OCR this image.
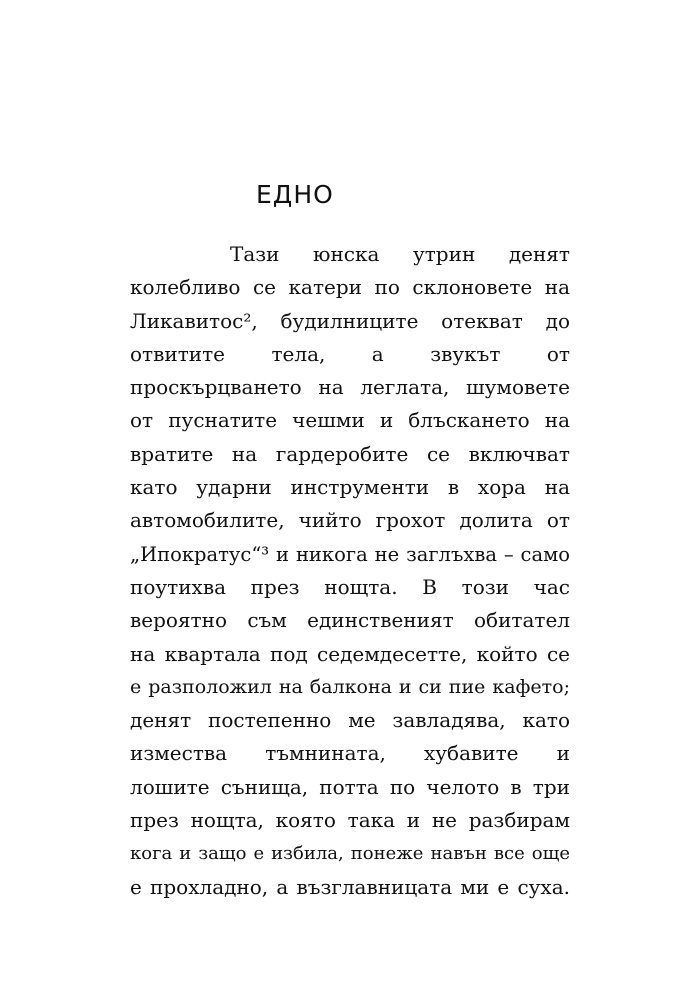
ЕДНО
Тази юнска утрин денят
колебливо се катери по склоновете на
Ликавитос², будилниците отекват до
отвитите тела, а звукът от
проскърцването на леглата, шумовете
от пуснатите чешми и блъскането на
вратите на гардеробите се включват
като ударни инструменти в хора на
автомобилите, чийто грохот долита от
„Ипократус“³ и никога не заглъхва – само
поутихва през нощта. В този час
вероятно съм единственият обитател
на квартала под седемдесетте, който се
е разположил на балкона и си пие кафето;
денят постепенно ме завладява, като
измества тъмнината, хубавите и
лошите сънища, потта по челото в три
през нощта, която така и не разбирам
кога и защо е избила, понеже навън все още
е прохладно, а възглавницата ми е суха.
